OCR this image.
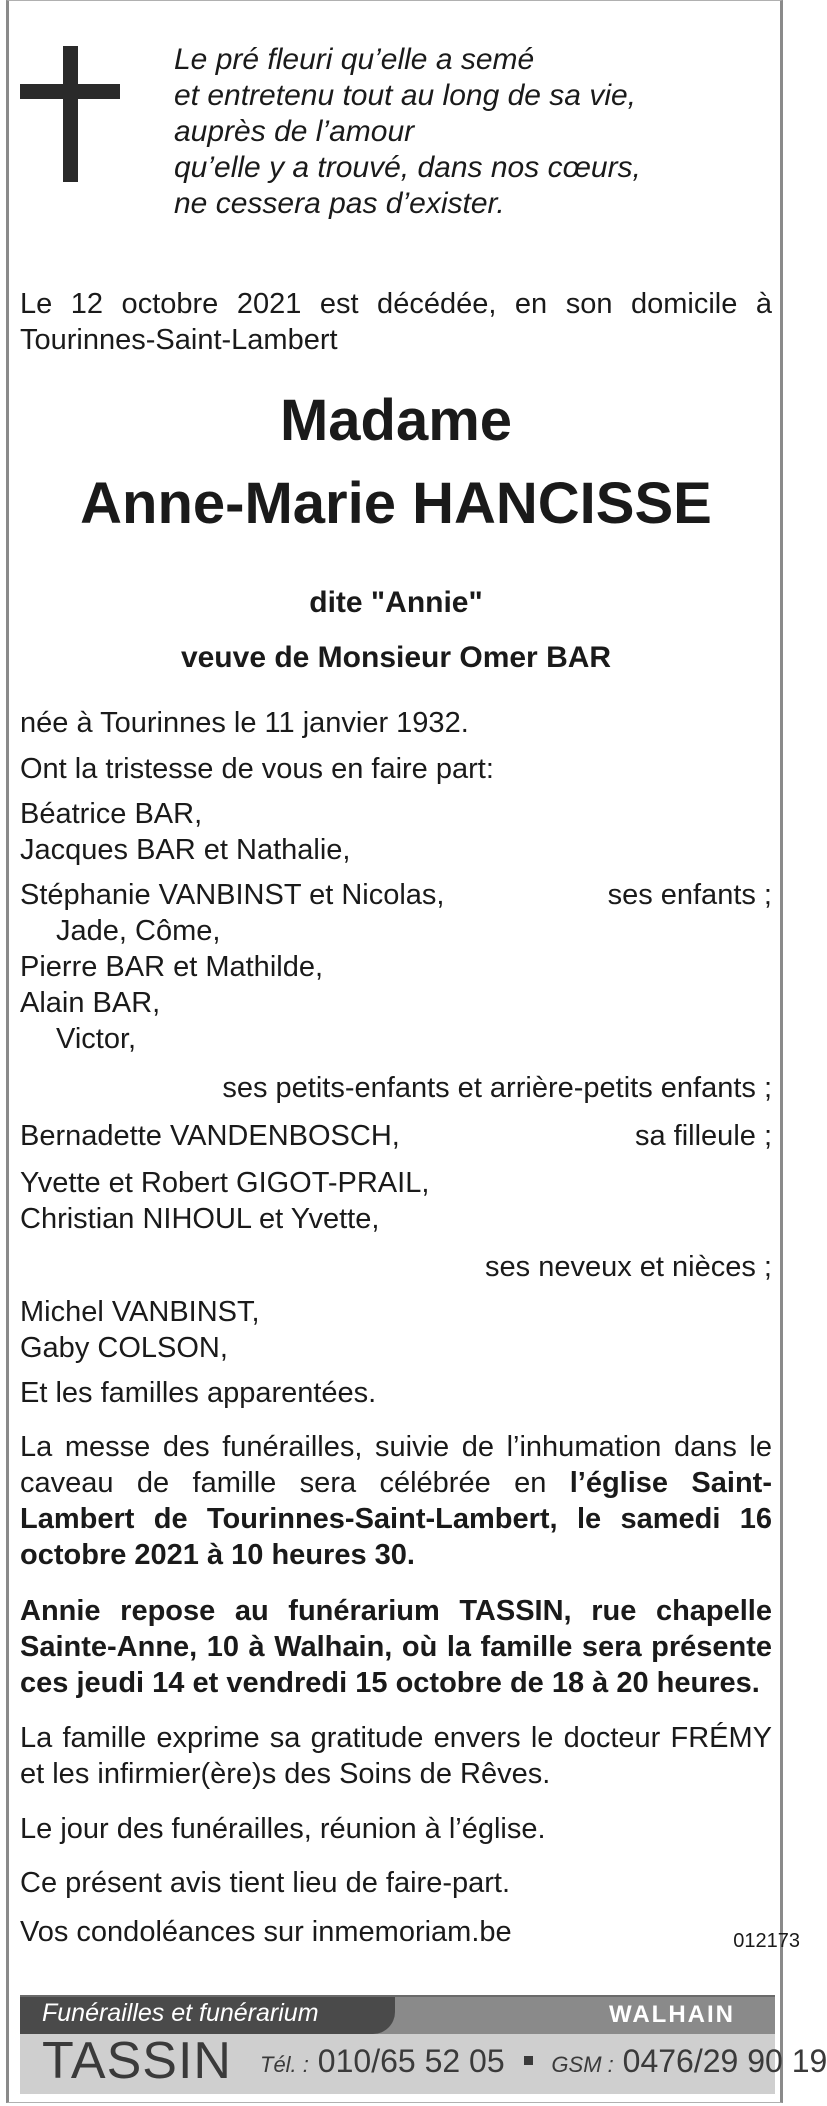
Le pré fleuri qu’elle a semé
et entretenu tout au long de sa vie,
auprès de l’amour
qu’elle y a trouvé, dans nos cœurs,
ne cessera pas d’exister.
Le 12 octobre 2021 est décédée, en son domicile à Tourinnes-Saint-Lambert
Madame
Anne-Marie HANCISSE
dite "Annie"
veuve de Monsieur Omer BAR
née à Tourinnes le 11 janvier 1932.
Ont la tristesse de vous en faire part:
Béatrice BAR,
Jacques BAR et Nathalie,
Stéphanie VANBINST et Nicolas,	ses enfants ;
Jade, Côme,
Pierre BAR et Mathilde,
Alain BAR,
Victor,
ses petits-enfants et arrière-petits enfants ;
Bernadette VANDENBOSCH,	sa filleule ;
Yvette et Robert GIGOT-PRAIL,
Christian NIHOUL et Yvette,
ses neveux et nièces ;
Michel VANBINST,
Gaby COLSON,
Et les familles apparentées.
La messe des funérailles, suivie de l’inhumation dans le caveau de famille sera célébrée en l’église Saint-Lambert de Tourinnes-Saint-Lambert, le samedi 16 octobre 2021 à 10 heures 30.
Annie repose au funérarium TASSIN, rue chapelle Sainte-Anne, 10 à Walhain, où la famille sera présente ces jeudi 14 et vendredi 15 octobre de 18 à 20 heures.
La famille exprime sa gratitude envers le docteur FRÉMY et les infirmier(ère)s des Soins de Rêves.
Le jour des funérailles, réunion à l’église.
Ce présent avis tient lieu de faire-part.
Vos condoléances sur inmemoriam.be	012173
Funérailles et funérarium	WALHAIN
TASSIN Tél. : 010/65 52 05 GSM : 0476/29 90 19
